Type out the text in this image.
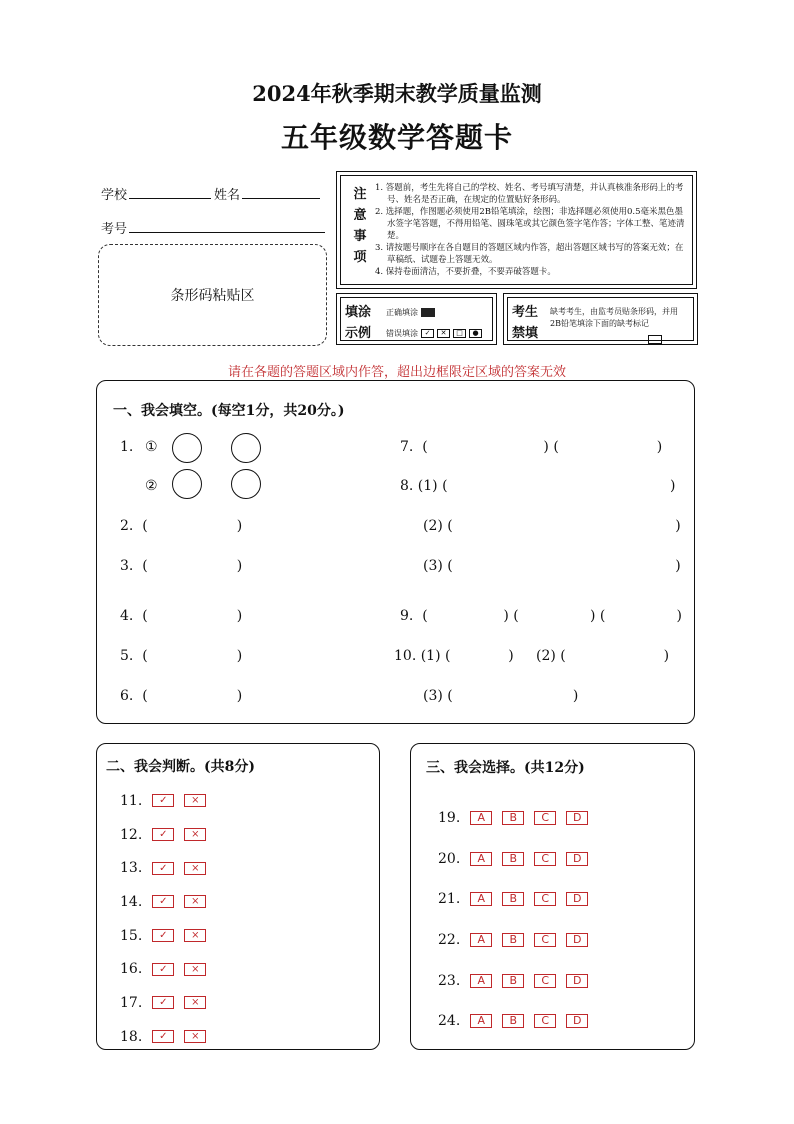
2024年秋季期末教学质量监测
五年级数学答题卡
学校	姓名
考号
条形码粘贴区
注
意
事
项
1. 答题前，考生先将自己的学校、姓名、考号填写清楚，并认真核准条形码上的考号、姓名是否正确，在规定的位置贴好条形码。
2. 选择题，作图题必须使用2B铅笔填涂，绘图；非选择题必须使用0.5毫米黑色墨水签字笔答题，不得用铅笔、圆珠笔或其它颜色签字笔作答；字体工整、笔迹清楚。
3. 请按题号顺序在各自题目的答题区域内作答，超出答题区域书写的答案无效；在草稿纸、试题卷上答题无效。
4. 保持卷面清洁，不要折叠，不要弄破答题卡。
填涂
示例
正确填涂
错误填涂 ✓	✕	□	●
考生
禁填
缺考考生，由监考员贴条形码，并用2B铅笔填涂下面的缺考标记
请在各题的答题区域内作答，超出边框限定区域的答案无效
一、我会填空。(每空1分，共20分。)
1. ①
②
2.  (                    )
3.  (                    )
4.  (                    )
5.  (                    )
6.  (                    )
7.  (                          ) (                      )
8. (1) (                                                  )
(2) (                                                  )
(3) (                                                  )
9.  (                 ) (                ) (                )
10. (1) (             )     (2) (                      )
(3) (                           )
二、我会判断。(共8分)
11.	✓	×
12.	✓	×
13.	✓	×
14.	✓	×
15.	✓	×
16.	✓	×
17.	✓	×
18.	✓	×
三、我会选择。(共12分)
19.	A	B	C	D
20.	A	B	C	D
21.	A	B	C	D
22.	A	B	C	D
23.	A	B	C	D
24.	A	B	C	D
